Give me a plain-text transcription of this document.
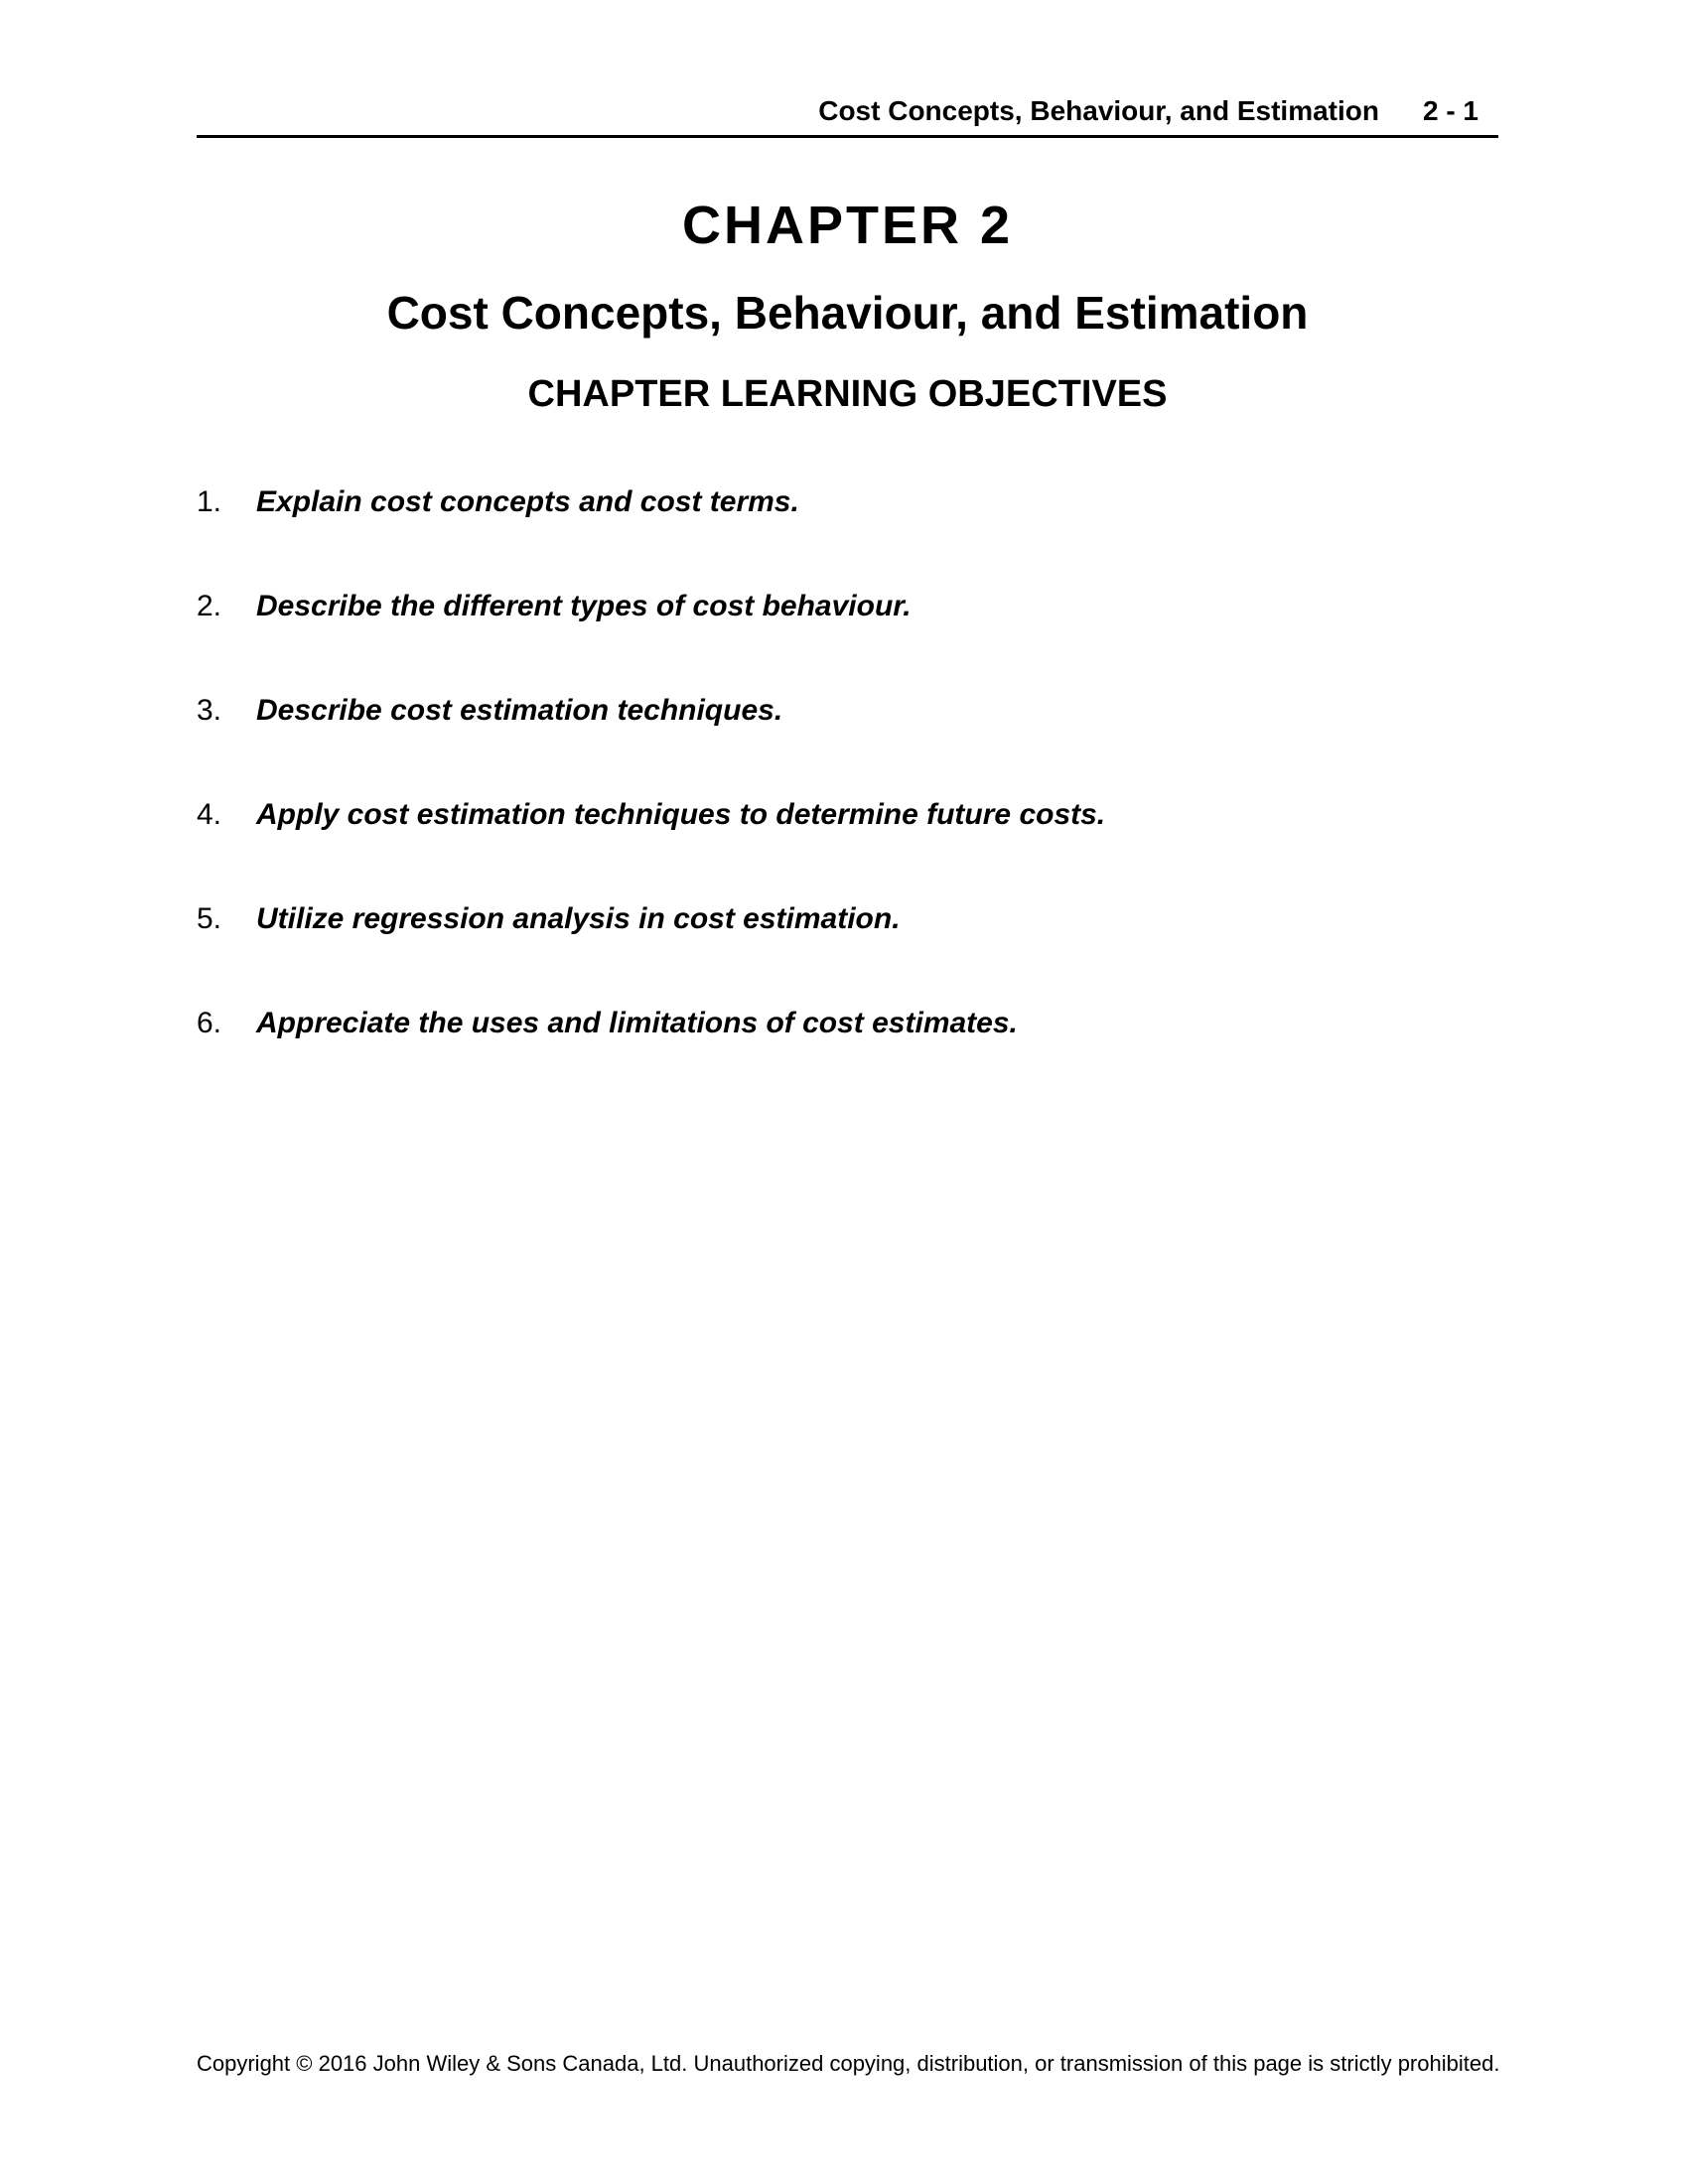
Cost Concepts, Behaviour, and Estimation 2 - 1
CHAPTER 2
Cost Concepts, Behaviour, and Estimation
CHAPTER LEARNING OBJECTIVES
1. Explain cost concepts and cost terms.
2. Describe the different types of cost behaviour.
3. Describe cost estimation techniques.
4. Apply cost estimation techniques to determine future costs.
5. Utilize regression analysis in cost estimation.
6. Appreciate the uses and limitations of cost estimates.
Copyright © 2016 John Wiley & Sons Canada, Ltd. Unauthorized copying, distribution, or transmission of this page is strictly prohibited.
